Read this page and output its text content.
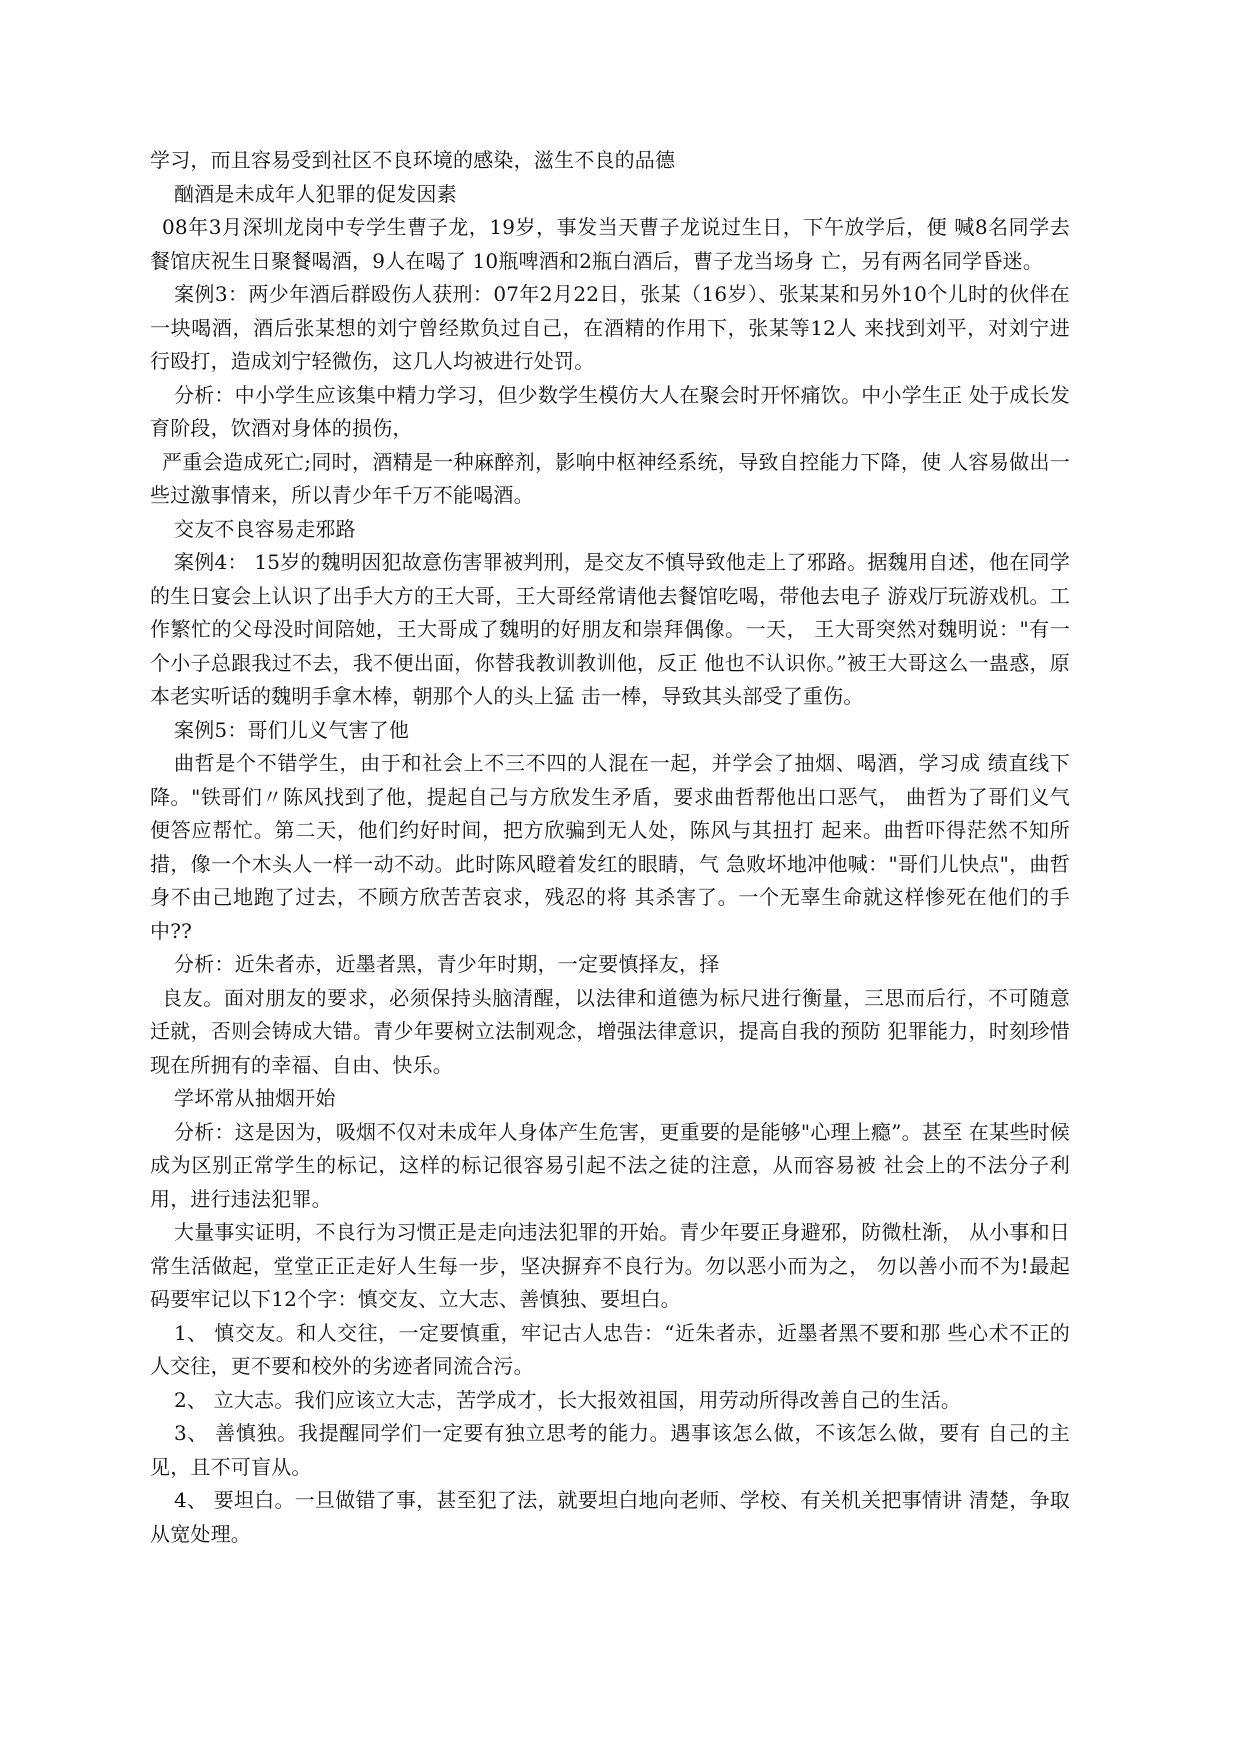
学习，而且容易受到社区不良环境的感染，滋生不良的品德

酗酒是未成年人犯罪的促发因素

08年3月深圳龙岗中专学生曹子龙，19岁，事发当天曹子龙说过生日，下午放学后，便 喊8名同学去餐馆庆祝生日聚餐喝酒，9人在喝了 10瓶啤酒和2瓶白酒后，曹子龙当场身 亡，另有两名同学昏迷。

案例3：两少年酒后群殴伤人获刑：07年2月22日，张某（16岁）、张某某和另外10个儿时的伙伴在一块喝酒，酒后张某想的刘宁曾经欺负过自己，在酒精的作用下，张某等12人 来找到刘平，对刘宁进行殴打，造成刘宁轻微伤，这几人均被进行处罚。

分析：中小学生应该集中精力学习，但少数学生模仿大人在聚会时开怀痛饮。中小学生正 处于成长发育阶段，饮酒对身体的损伤，

严重会造成死亡;同时，酒精是一种麻醉剂，影响中枢神经系统，导致自控能力下降，使 人容易做出一些过激事情来，所以青少年千万不能喝酒。

交友不良容易走邪路

案例4： 15岁的魏明因犯故意伤害罪被判刑，是交友不慎导致他走上了邪路。据魏用自述，他在同学的生日宴会上认识了出手大方的王大哥，王大哥经常请他去餐馆吃喝，带他去电子 游戏厅玩游戏机。工作繁忙的父母没时间陪她，王大哥成了魏明的好朋友和崇拜偶像。一天， 王大哥突然对魏明说："有一个小子总跟我过不去，我不便出面，你替我教训教训他，反正 他也不认识你。”被王大哥这么一蛊惑，原本老实听话的魏明手拿木棒，朝那个人的头上猛 击一棒，导致其头部受了重伤。

案例5：哥们儿义气害了他

曲哲是个不错学生，由于和社会上不三不四的人混在一起，并学会了抽烟、喝酒，学习成 绩直线下降。"铁哥们〃陈风找到了他，提起自己与方欣发生矛盾，要求曲哲帮他出口恶气， 曲哲为了哥们义气便答应帮忙。第二天，他们约好时间，把方欣骗到无人处，陈风与其扭打 起来。曲哲吓得茫然不知所措，像一个木头人一样一动不动。此时陈风瞪着发红的眼睛，气 急败坏地冲他喊："哥们儿快点"，曲哲身不由己地跑了过去，不顾方欣苦苦哀求，残忍的将 其杀害了。一个无辜生命就这样惨死在他们的手中??

分析：近朱者赤，近墨者黑，青少年时期，一定要慎择友，择

良友。面对朋友的要求，必须保持头脑清醒，以法律和道德为标尺进行衡量，三思而后行，不可随意迁就，否则会铸成大错。青少年要树立法制观念，增强法律意识，提高自我的预防 犯罪能力，时刻珍惜现在所拥有的幸福、自由、快乐。

学坏常从抽烟开始

分析：这是因为，吸烟不仅对未成年人身体产生危害，更重要的是能够"心理上瘾”。甚至 在某些时候成为区别正常学生的标记，这样的标记很容易引起不法之徒的注意，从而容易被 社会上的不法分子利用，进行违法犯罪。

大量事实证明，不良行为习惯正是走向违法犯罪的开始。青少年要正身避邪，防微杜渐， 从小事和日常生活做起，堂堂正正走好人生每一步，坚决摒弃不良行为。勿以恶小而为之， 勿以善小而不为!最起码要牢记以下12个字：慎交友、立大志、善慎独、要坦白。

1、 慎交友。和人交往，一定要慎重，牢记古人忠告：“近朱者赤，近墨者黑不要和那 些心术不正的人交往，更不要和校外的劣迹者同流合污。

2、 立大志。我们应该立大志，苦学成才，长大报效祖国，用劳动所得改善自己的生活。

3、 善慎独。我提醒同学们一定要有独立思考的能力。遇事该怎么做，不该怎么做，要有 自己的主见，且不可盲从。

4、 要坦白。一旦做错了事，甚至犯了法，就要坦白地向老师、学校、有关机关把事情讲 清楚，争取从宽处理。
